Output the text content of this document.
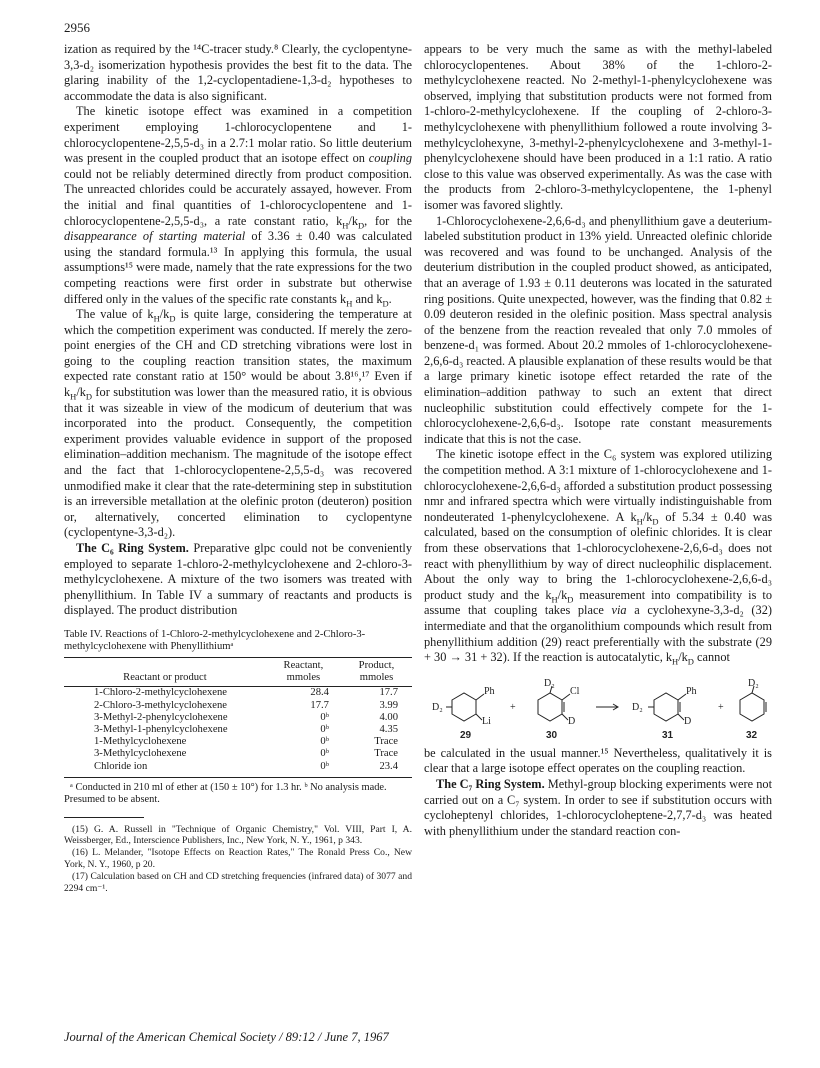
2956

ization as required by the ¹⁴C-tracer study.⁸ Clearly, the cyclopentyne-3,3-d₂ isomerization hypothesis provides the best fit to the data. The glaring inability of the 1,2-cyclopentadiene-1,3-d₂ hypotheses to accommodate the data is also significant.

The kinetic isotope effect was examined in a competition experiment employing 1-chlorocyclopentene and 1-chlorocyclopentene-2,5,5-d₃ in a 2.7:1 molar ratio. So little deuterium was present in the coupled product that an isotope effect on coupling could not be reliably determined directly from product composition. The unreacted chlorides could be accurately assayed, however. From the initial and final quantities of 1-chlorocyclopentene and 1-chlorocyclopentene-2,5,5-d₃, a rate constant ratio, $k_H/k_D$, for the disappearance of starting material of 3.36 ± 0.40 was calculated using the standard formula.¹³ In applying this formula, the usual assumptions¹⁵ were made, namely that the rate expressions for the two competing reactions were first order in substrate but otherwise differed only in the values of the specific rate constants $k_H$ and $k_D$.

The value of $k_H/k_D$ is quite large, considering the temperature at which the competition experiment was conducted. If merely the zero-point energies of the CH and CD stretching vibrations were lost in going to the coupling reaction transition states, the maximum expected rate constant ratio at 150° would be about 3.8¹⁶,¹⁷ Even if $k_H/k_D$ for substitution was lower than the measured ratio, it is obvious that it was sizeable in view of the modicum of deuterium that was incorporated into the product. Consequently, the competition experiment provides valuable evidence in support of the proposed elimination–addition mechanism. The magnitude of the isotope effect and the fact that 1-chlorocyclopentene-2,5,5-d₃ was recovered unmodified make it clear that the rate-determining step in substitution is an irreversible metallation at the olefinic proton (deuteron) position or, alternatively, concerted elimination to cyclopentyne (cyclopentyne-3,3-d₂).

The C₆ Ring System. Preparative glpc could not be conveniently employed to separate 1-chloro-2-methylcyclohexene and 2-chloro-3-methylcyclohexene. A mixture of the two isomers was treated with phenyllithium. In Table IV a summary of reactants and products is displayed. The product distribution

Table IV. Reactions of 1-Chloro-2-methylcyclohexene and 2-Chloro-3-methylcyclohexene with Phenyllithiumᵃ
Reactant or product	Reactant, mmoles	Product, mmoles
1-Chloro-2-methylcyclohexene	28.4	17.7
2-Chloro-3-methylcyclohexene	17.7	3.99
3-Methyl-2-phenylcyclohexene	0ᵇ	4.00
3-Methyl-1-phenylcyclohexene	0ᵇ	4.35
1-Methylcyclohexene	0ᵇ	Trace
3-Methylcyclohexene	0ᵇ	Trace
Chloride ion	0ᵇ	23.4
ᵃ Conducted in 210 ml of ether at (150 ± 10°) for 1.3 hr. ᵇ No analysis made. Presumed to be absent.
(15) G. A. Russell in "Technique of Organic Chemistry," Vol. VIII, Part I, A. Weissberger, Ed., Interscience Publishers, Inc., New York, N. Y., 1961, p 343.
(16) L. Melander, "Isotope Effects on Reaction Rates," The Ronald Press Co., New York, N. Y., 1960, p 20.
(17) Calculation based on CH and CD stretching frequencies (infrared data) of 3077 and 2294 cm⁻¹.

appears to be very much the same as with the methyl-labeled chlorocyclopentenes. About 38% of the 1-chloro-2-methylcyclohexene reacted. No 2-methyl-1-phenylcyclohexene was observed, implying that substitution products were not formed from 1-chloro-2-methylcyclohexene. If the coupling of 2-chloro-3-methylcyclohexene with phenyllithium followed a route involving 3-methylcyclohexyne, 3-methyl-2-phenylcyclohexene and 3-methyl-1-phenylcyclohexene should have been produced in a 1:1 ratio. A ratio close to this value was observed experimentally. As was the case with the products from 2-chloro-3-methylcyclopentene, the 1-phenyl isomer was favored slightly.

1-Chlorocyclohexene-2,6,6-d₃ and phenyllithium gave a deuterium-labeled substitution product in 13% yield. Unreacted olefinic chloride was recovered and was found to be unchanged. Analysis of the deuterium distribution in the coupled product showed, as anticipated, that an average of 1.93 ± 0.11 deuterons was located in the saturated ring positions. Quite unexpected, however, was the finding that 0.82 ± 0.09 deuteron resided in the olefinic position. Mass spectral analysis of the benzene from the reaction revealed that only 7.0 mmoles of benzene-d₁ was formed. About 20.2 mmoles of 1-chlorocyclohexene-2,6,6-d₃ reacted. A plausible explanation of these results would be that a large primary kinetic isotope effect retarded the rate of the elimination–addition pathway to such an extent that direct nucleophilic substitution could effectively compete for the 1-chlorocyclohexene-2,6,6-d₃. Isotope rate constant measurements indicate that this is not the case.

The kinetic isotope effect in the C₆ system was explored utilizing the competition method. A 3:1 mixture of 1-chlorocyclohexene and 1-chlorocyclohexene-2,6,6-d₃ afforded a substitution product possessing nmr and infrared spectra which were virtually indistinguishable from nondeuterated 1-phenylcyclohexene. A $k_H/k_D$ of 5.34 ± 0.40 was calculated, based on the consumption of olefinic chlorides. It is clear from these observations that 1-chlorocyclohexene-2,6,6-d₃ does not react with phenyllithium by way of direct nucleophilic displacement. About the only way to bring the 1-chlorocyclohexene-2,6,6-d₃ product study and the $k_H/k_D$ measurement into compatibility is to assume that coupling takes place via a cyclohexyne-3,3-d₂ (32) intermediate and that the organolithium compounds which result from phenyllithium addition (29) react preferentially with the substrate (29 + 30 → 31 + 32). If the reaction is autocatalytic, $k_H/k_D$ cannot

Ph
Li
D₂	+
D₂
Cl
D
Ph
D
D₂	+
D₂
29	30	31	32

be calculated in the usual manner.¹⁵ Nevertheless, qualitatively it is clear that a large isotope effect operates on the coupling reaction.

The C₇ Ring System. Methyl-group blocking experiments were not carried out on a C₇ system. In order to see if substitution occurs with cycloheptenyl chlorides, 1-chlorocycloheptene-2,7,7-d₃ was heated with phenyllithium under the standard reaction con-

Journal of the American Chemical Society / 89:12 / June 7, 1967
